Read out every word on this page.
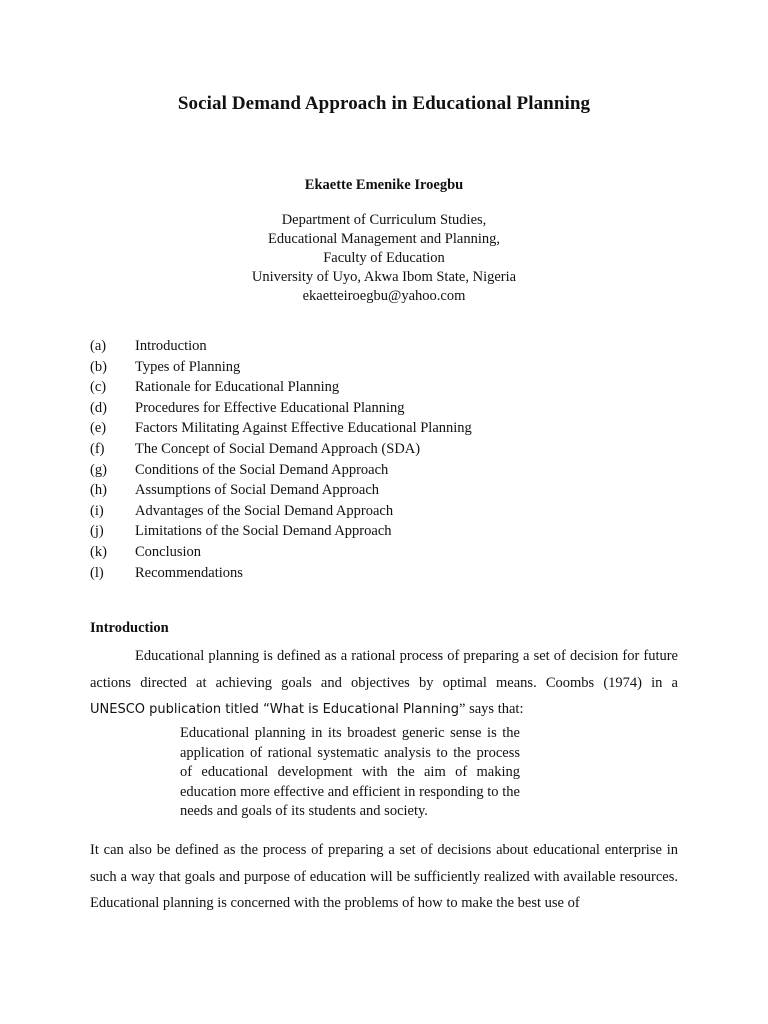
Social Demand Approach in Educational Planning
Ekaette Emenike Iroegbu
Department of Curriculum Studies,
Educational Management and Planning,
Faculty of Education
University of Uyo, Akwa Ibom State, Nigeria
ekaetteiroegbu@yahoo.com
(a)	Introduction
(b)	Types of Planning
(c)	Rationale for Educational Planning
(d)	Procedures for Effective Educational Planning
(e)	Factors Militating Against Effective Educational Planning
(f)	The Concept of Social Demand Approach (SDA)
(g)	Conditions of the Social Demand Approach
(h)	Assumptions of Social Demand Approach
(i)	Advantages of the Social Demand Approach
(j)	Limitations of the Social Demand Approach
(k)	Conclusion
(l)	Recommendations
Introduction
Educational planning is defined as a rational process of preparing a set of decision for future actions directed at achieving goals and objectives by optimal means. Coombs (1974) in a UNESCO publication titled “What is Educational Planning” says that:
Educational planning in its broadest generic sense is the application of rational systematic analysis to the process of educational development with the aim of making education more effective and efficient in responding to the needs and goals of its students and society.
It can also be defined as the process of preparing a set of decisions about educational enterprise in such a way that goals and purpose of education will be sufficiently realized with available resources. Educational planning is concerned with the problems of how to make the best use of
